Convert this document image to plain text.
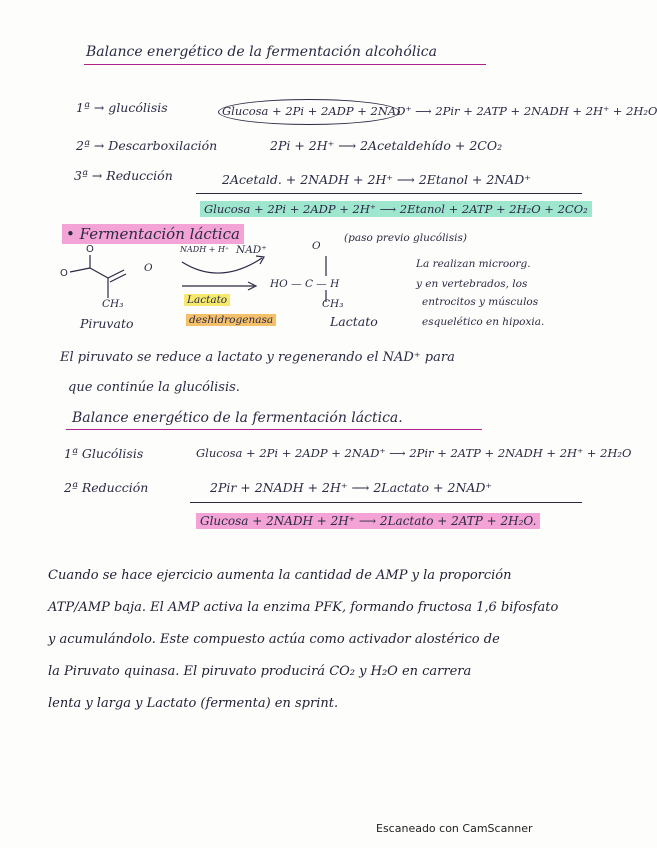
Balance energético de la fermentación alcohólica
1ª → glucólisis	Glucosa + 2Pi + 2ADP + 2NAD⁺ ⟶ 2Pir + 2ATP + 2NADH + 2H⁺ + 2H₂O
2ª → Descarboxilación	2Pi + 2H⁺ ⟶ 2Acetaldehído + 2CO₂
3ª → Reducción	2Acetald. + 2NADH + 2H⁺ ⟶ 2Etanol + 2NAD⁺
Glucosa + 2Pi + 2ADP + 2H⁺ ⟶ 2Etanol + 2ATP + 2H₂O + 2CO₂
• Fermentación láctica	(paso previo glucólisis)
O
O	O
CH₃
Piruvato
NADH + H⁺ NAD⁺
Lactato
deshidrogenasa
O
HO — C — H
CH₃
Lactato
La realizan microorg.
y en vertebrados, los
entrocitos y músculos
esquelético en hipoxia.
El piruvato se reduce a lactato y regenerando el NAD⁺ para
que continúe la glucólisis.
Balance energético de la fermentación láctica.
1ª Glucólisis	Glucosa + 2Pi + 2ADP + 2NAD⁺ ⟶ 2Pir + 2ATP + 2NADH + 2H⁺ + 2H₂O
2ª Reducción	2Pir + 2NADH + 2H⁺ ⟶ 2Lactato + 2NAD⁺
Glucosa + 2NADH + 2H⁺ ⟶ 2Lactato + 2ATP + 2H₂O.
Cuando se hace ejercicio aumenta la cantidad de AMP y la proporción
ATP/AMP baja. El AMP activa la enzima PFK, formando fructosa 1,6 bifosfato
y acumulándolo. Este compuesto actúa como activador alostérico de
la Piruvato quinasa. El piruvato producirá CO₂ y H₂O en carrera
lenta y larga y Lactato (fermenta) en sprint.
Escaneado con CamScanner
